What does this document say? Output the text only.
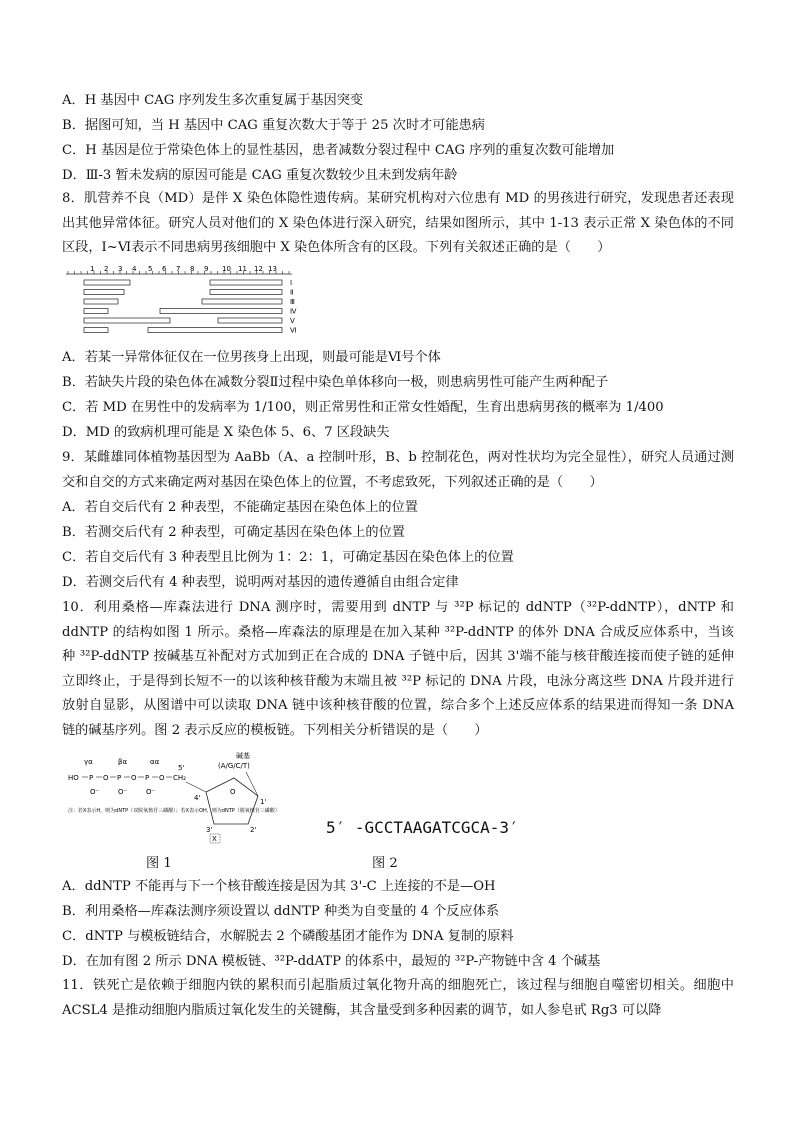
A．H 基因中 CAG 序列发生多次重复属于基因突变
B．据图可知，当 H 基因中 CAG 重复次数大于等于 25 次时才可能患病
C．H 基因是位于常染色体上的显性基因，患者减数分裂过程中 CAG 序列的重复次数可能增加
D．Ⅲ-3 暂未发病的原因可能是 CAG 重复次数较少且未到发病年龄
8．肌营养不良（MD）是伴 X 染色体隐性遗传病。某研究机构对六位患有 MD 的男孩进行研究，发现患者还表现出其他异常体征。研究人员对他们的 X 染色体进行深入研究，结果如图所示，其中 1-13 表示正常 X 染色体的不同区段，Ⅰ~Ⅵ表示不同患病男孩细胞中 X 染色体所含有的区段。下列有关叙述正确的是（　　）
1 2 3 4 5 6 7 8 9 10 11 12 13
Ⅰ
Ⅱ
Ⅲ
Ⅳ
Ⅴ
Ⅵ
A．若某一异常体征仅在一位男孩身上出现，则最可能是Ⅵ号个体
B．若缺失片段的染色体在减数分裂Ⅱ过程中染色单体移向一极，则患病男性可能产生两种配子
C．若 MD 在男性中的发病率为 1/100，则正常男性和正常女性婚配，生育出患病男孩的概率为 1/400
D．MD 的致病机理可能是 X 染色体 5、6、7 区段缺失
9．某雌雄同体植物基因型为 AaBb（A、a 控制叶形，B、b 控制花色，两对性状均为完全显性），研究人员通过测交和自交的方式来确定两对基因在染色体上的位置，不考虑致死，下列叙述正确的是（　　）
A．若自交后代有 2 种表型，不能确定基因在染色体上的位置
B．若测交后代有 2 种表型，可确定基因在染色体上的位置
C．若自交后代有 3 种表型且比例为 1：2：1，可确定基因在染色体上的位置
D．若测交后代有 4 种表型，说明两对基因的遗传遵循自由组合定律
10．利用桑格—库森法进行 DNA 测序时，需要用到 dNTP 与 ³²P 标记的 ddNTP（³²P-ddNTP），dNTP 和 ddNTP 的结构如图 1 所示。桑格—库森法的原理是在加入某种 ³²P-ddNTP 的体外 DNA 合成反应体系中，当该种 ³²P-ddNTP 按碱基互补配对方式加到正在合成的 DNA 子链中后，因其 3'端不能与核苷酸连接而使子链的延伸立即终止，于是得到长短不一的以该种核苷酸为末端且被 ³²P 标记的 DNA 片段，电泳分离这些 DNA 片段并进行放射自显影，从图谱中可以读取 DNA 链中该种核苷酸的位置，综合多个上述反应体系的结果进而得知一条 DNA 链的碱基序列。图 2 表示反应的模板链。下列相关分析错误的是（　　）
γα	βα	αα
HO P O P O P O CH₂
O⁻	O⁻	O⁻
5'
碱基
(A/G/C/T)
O
4'	1'
3'	2'
X
注：若X表示H，则为dNTP（双脱氧核苷三磷酸）；若X表示OH，则为dNTP（脱氧核苷三磷酸）
5′ -GCCTAAGATCGCA-3′
图 1	图 2
A．ddNTP 不能再与下一个核苷酸连接是因为其 3'-C 上连接的不是—OH
B．利用桑格—库森法测序须设置以 ddNTP 种类为自变量的 4 个反应体系
C．dNTP 与模板链结合，水解脱去 2 个磷酸基团才能作为 DNA 复制的原料
D．在加有图 2 所示 DNA 模板链、³²P-ddATP 的体系中，最短的 ³²P-产物链中含 4 个碱基
11．铁死亡是依赖于细胞内铁的累积而引起脂质过氧化物升高的细胞死亡，该过程与细胞自噬密切相关。细胞中 ACSL4 是推动细胞内脂质过氧化发生的关键酶，其含量受到多种因素的调节，如人参皂甙 Rg3 可以降
